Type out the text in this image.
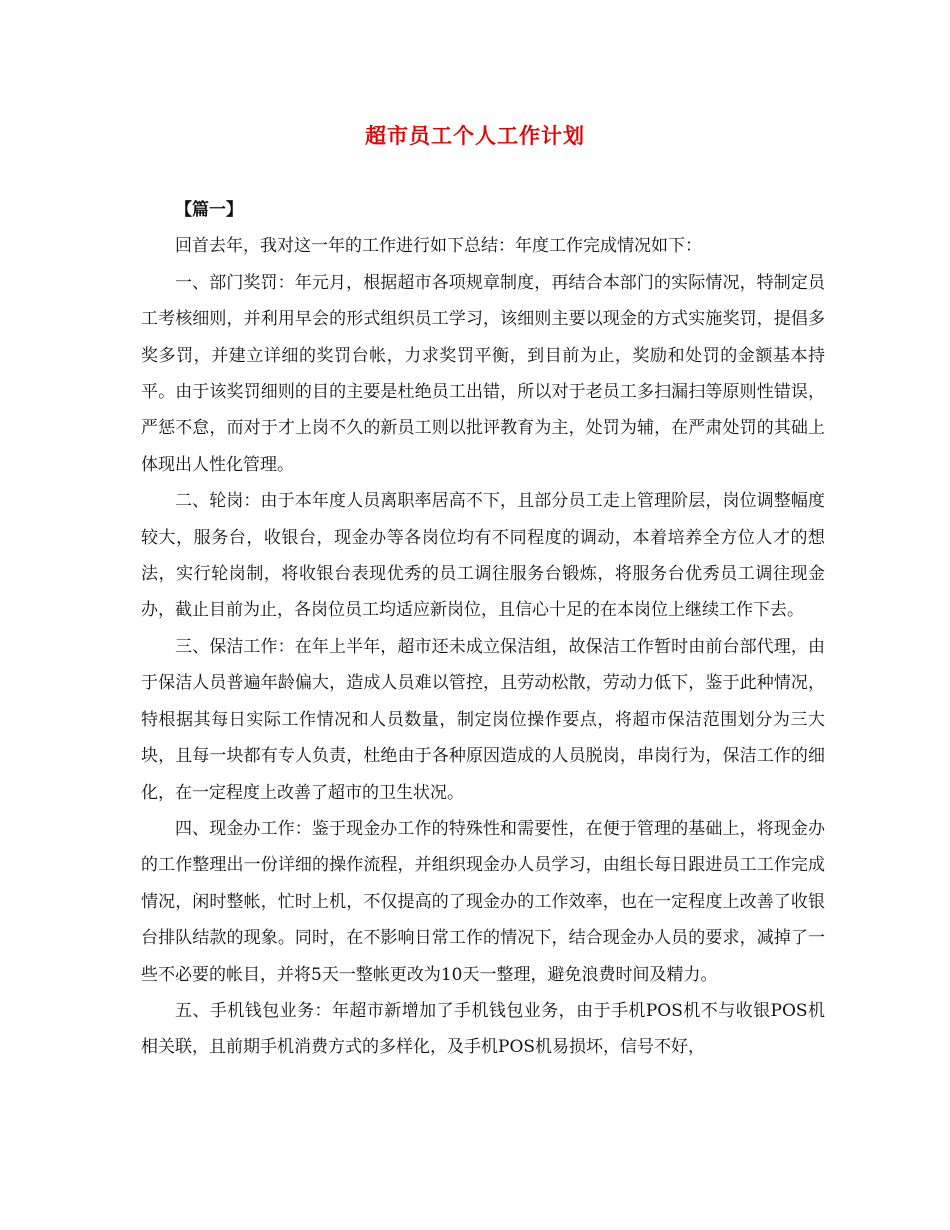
超市员工个人工作计划

【篇一】

回首去年，我对这一年的工作进行如下总结：年度工作完成情况如下：

一、部门奖罚：年元月，根据超市各项规章制度，再结合本部门的实际情况，特制定员工考核细则，并利用早会的形式组织员工学习，该细则主要以现金的方式实施奖罚，提倡多奖多罚，并建立详细的奖罚台帐，力求奖罚平衡，到目前为止，奖励和处罚的金额基本持平。由于该奖罚细则的目的主要是杜绝员工出错，所以对于老员工多扫漏扫等原则性错误，严惩不怠，而对于才上岗不久的新员工则以批评教育为主，处罚为辅，在严肃处罚的其础上体现出人性化管理。

二、轮岗：由于本年度人员离职率居高不下，且部分员工走上管理阶层，岗位调整幅度较大，服务台，收银台，现金办等各岗位均有不同程度的调动，本着培养全方位人才的想法，实行轮岗制，将收银台表现优秀的员工调往服务台锻炼，将服务台优秀员工调往现金办，截止目前为止，各岗位员工均适应新岗位，且信心十足的在本岗位上继续工作下去。

三、保洁工作：在年上半年，超市还未成立保洁组，故保洁工作暂时由前台部代理，由于保洁人员普遍年龄偏大，造成人员难以管控，且劳动松散，劳动力低下，鉴于此种情况，特根据其每日实际工作情况和人员数量，制定岗位操作要点，将超市保洁范围划分为三大块，且每一块都有专人负责，杜绝由于各种原因造成的人员脱岗，串岗行为，保洁工作的细化，在一定程度上改善了超市的卫生状况。

四、现金办工作：鉴于现金办工作的特殊性和需要性，在便于管理的基础上，将现金办的工作整理出一份详细的操作流程，并组织现金办人员学习，由组长每日跟进员工工作完成情况，闲时整帐，忙时上机，不仅提高的了现金办的工作效率，也在一定程度上改善了收银台排队结款的现象。同时，在不影响日常工作的情况下，结合现金办人员的要求，减掉了一些不必要的帐目，并将5天一整帐更改为10天一整理，避免浪费时间及精力。

五、手机钱包业务：年超市新增加了手机钱包业务，由于手机POS机不与收银POS机相关联，且前期手机消费方式的多样化，及手机POS机易损坏，信号不好，
